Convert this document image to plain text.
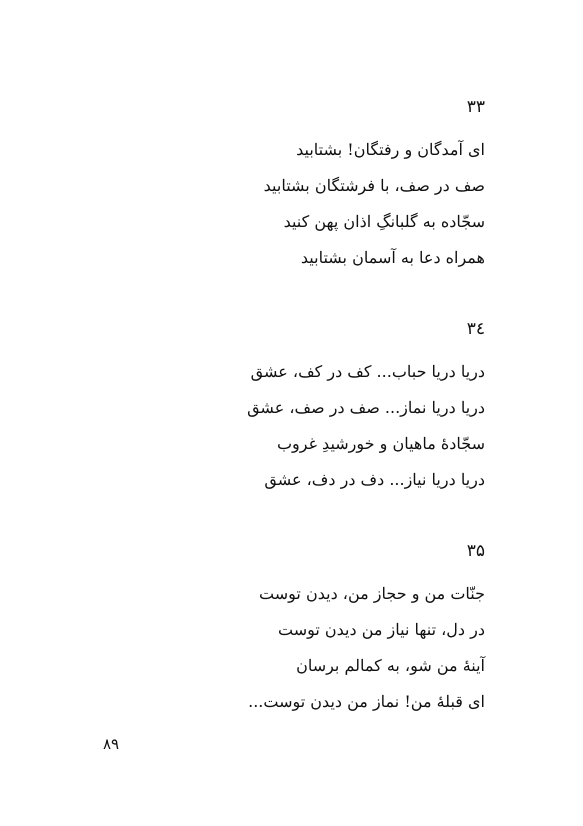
۳۳
ای آمدگان و رفتگان! بشتابید
صف در صف، با فرشتگان بشتابید
سجّاده به گلبانگِ اذان پهن کنید
همراه دعا به آسمان بشتابید
۳٤
دریا دریا حباب... کف در کف، عشق
دریا دریا نماز... صف در صف، عشق
سجّادهٔ ماهیان و خورشیدِ غروب
دریا دریا نیاز... دف در دف، عشق
۳۵
جنّات من و حجاز من، دیدن توست
در دل، تنها نیاز من دیدن توست
آینهٔ من شو، به کمالم برسان
ای قبلهٔ من! نماز من دیدن توست...
۸۹
